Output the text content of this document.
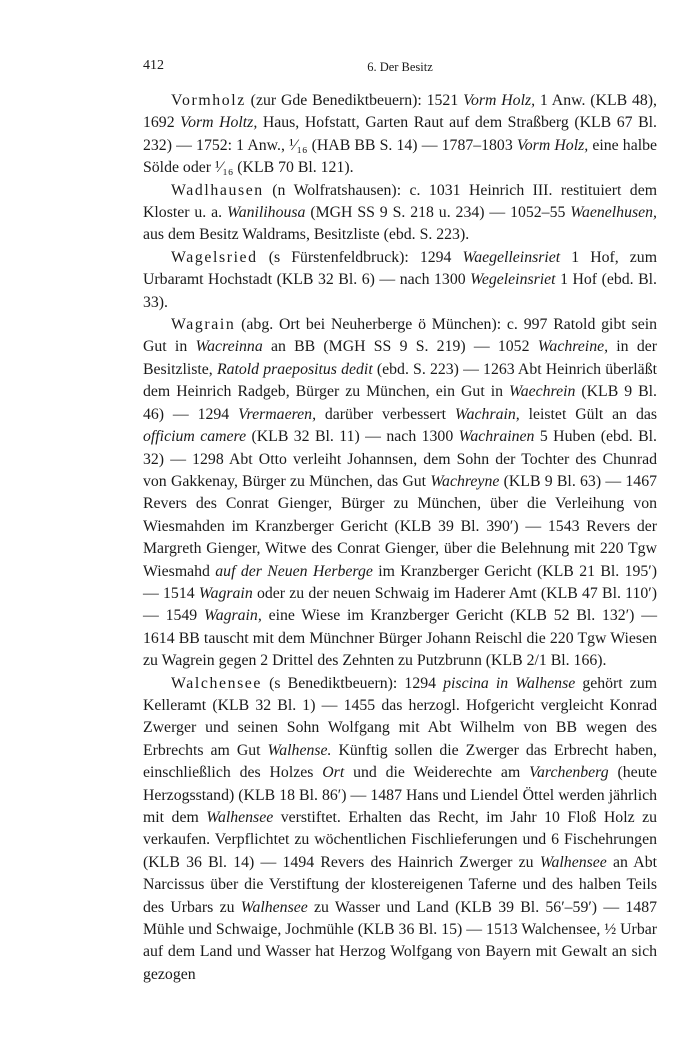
412	6. Der Besitz

Vormholz (zur Gde Benediktbeuern): 1521 Vorm Holz, 1 Anw. (KLB 48), 1692 Vorm Holtz, Haus, Hofstatt, Garten Raut auf dem Straßberg (KLB 67 Bl. 232) — 1752: 1 Anw., ¹⁄₁₆ (HAB BB S. 14) — 1787–1803 Vorm Holz, eine halbe Sölde oder ¹⁄₁₆ (KLB 70 Bl. 121).

Wadlhausen (n Wolfratshausen): c. 1031 Heinrich III. restituiert dem Kloster u. a. Wanilihousa (MGH SS 9 S. 218 u. 234) — 1052–55 Waenelhusen, aus dem Besitz Waldrams, Besitzliste (ebd. S. 223).

Wagelsried (s Fürstenfeldbruck): 1294 Waegelleinsriet 1 Hof, zum Urbaramt Hochstadt (KLB 32 Bl. 6) — nach 1300 Wegeleinsriet 1 Hof (ebd. Bl. 33).

Wagrain (abg. Ort bei Neuherberge ö München): c. 997 Ratold gibt sein Gut in Wacreinna an BB (MGH SS 9 S. 219) — 1052 Wachreine, in der Besitzliste, Ratold praepositus dedit (ebd. S. 223) — 1263 Abt Heinrich überläßt dem Heinrich Radgeb, Bürger zu München, ein Gut in Waechrein (KLB 9 Bl. 46) — 1294 Vrermaeren, darüber verbessert Wachrain, leistet Gült an das officium camere (KLB 32 Bl. 11) — nach 1300 Wachrainen 5 Huben (ebd. Bl. 32) — 1298 Abt Otto verleiht Johannsen, dem Sohn der Tochter des Chunrad von Gakkenay, Bürger zu München, das Gut Wachreyne (KLB 9 Bl. 63) — 1467 Revers des Conrat Gienger, Bürger zu München, über die Verleihung von Wiesmahden im Kranzberger Gericht (KLB 39 Bl. 390′) — 1543 Revers der Margreth Gienger, Witwe des Conrat Gienger, über die Belehnung mit 220 Tgw Wiesmahd auf der Neuen Herberge im Kranzberger Gericht (KLB 21 Bl. 195′) — 1514 Wagrain oder zu der neuen Schwaig im Haderer Amt (KLB 47 Bl. 110′) — 1549 Wagrain, eine Wiese im Kranzberger Gericht (KLB 52 Bl. 132′) — 1614 BB tauscht mit dem Münchner Bürger Johann Reischl die 220 Tgw Wiesen zu Wagrein gegen 2 Drittel des Zehnten zu Putzbrunn (KLB 2/1 Bl. 166).

Walchensee (s Benediktbeuern): 1294 piscina in Walhense gehört zum Kelleramt (KLB 32 Bl. 1) — 1455 das herzogl. Hofgericht vergleicht Konrad Zwerger und seinen Sohn Wolfgang mit Abt Wilhelm von BB wegen des Erbrechts am Gut Walhense. Künftig sollen die Zwerger das Erbrecht haben, einschließlich des Holzes Ort und die Weiderechte am Varchenberg (heute Herzogsstand) (KLB 18 Bl. 86′) — 1487 Hans und Liendel Öttel werden jährlich mit dem Walhensee verstiftet. Erhalten das Recht, im Jahr 10 Floß Holz zu verkaufen. Verpflichtet zu wöchentlichen Fischlieferungen und 6 Fischehrungen (KLB 36 Bl. 14) — 1494 Revers des Hainrich Zwerger zu Walhensee an Abt Narcissus über die Verstiftung der klostereigenen Taferne und des halben Teils des Urbars zu Walhensee zu Wasser und Land (KLB 39 Bl. 56′–59′) — 1487 Mühle und Schwaige, Jochmühle (KLB 36 Bl. 15) — 1513 Walchensee, ½ Urbar auf dem Land und Wasser hat Herzog Wolfgang von Bayern mit Gewalt an sich gezogen
